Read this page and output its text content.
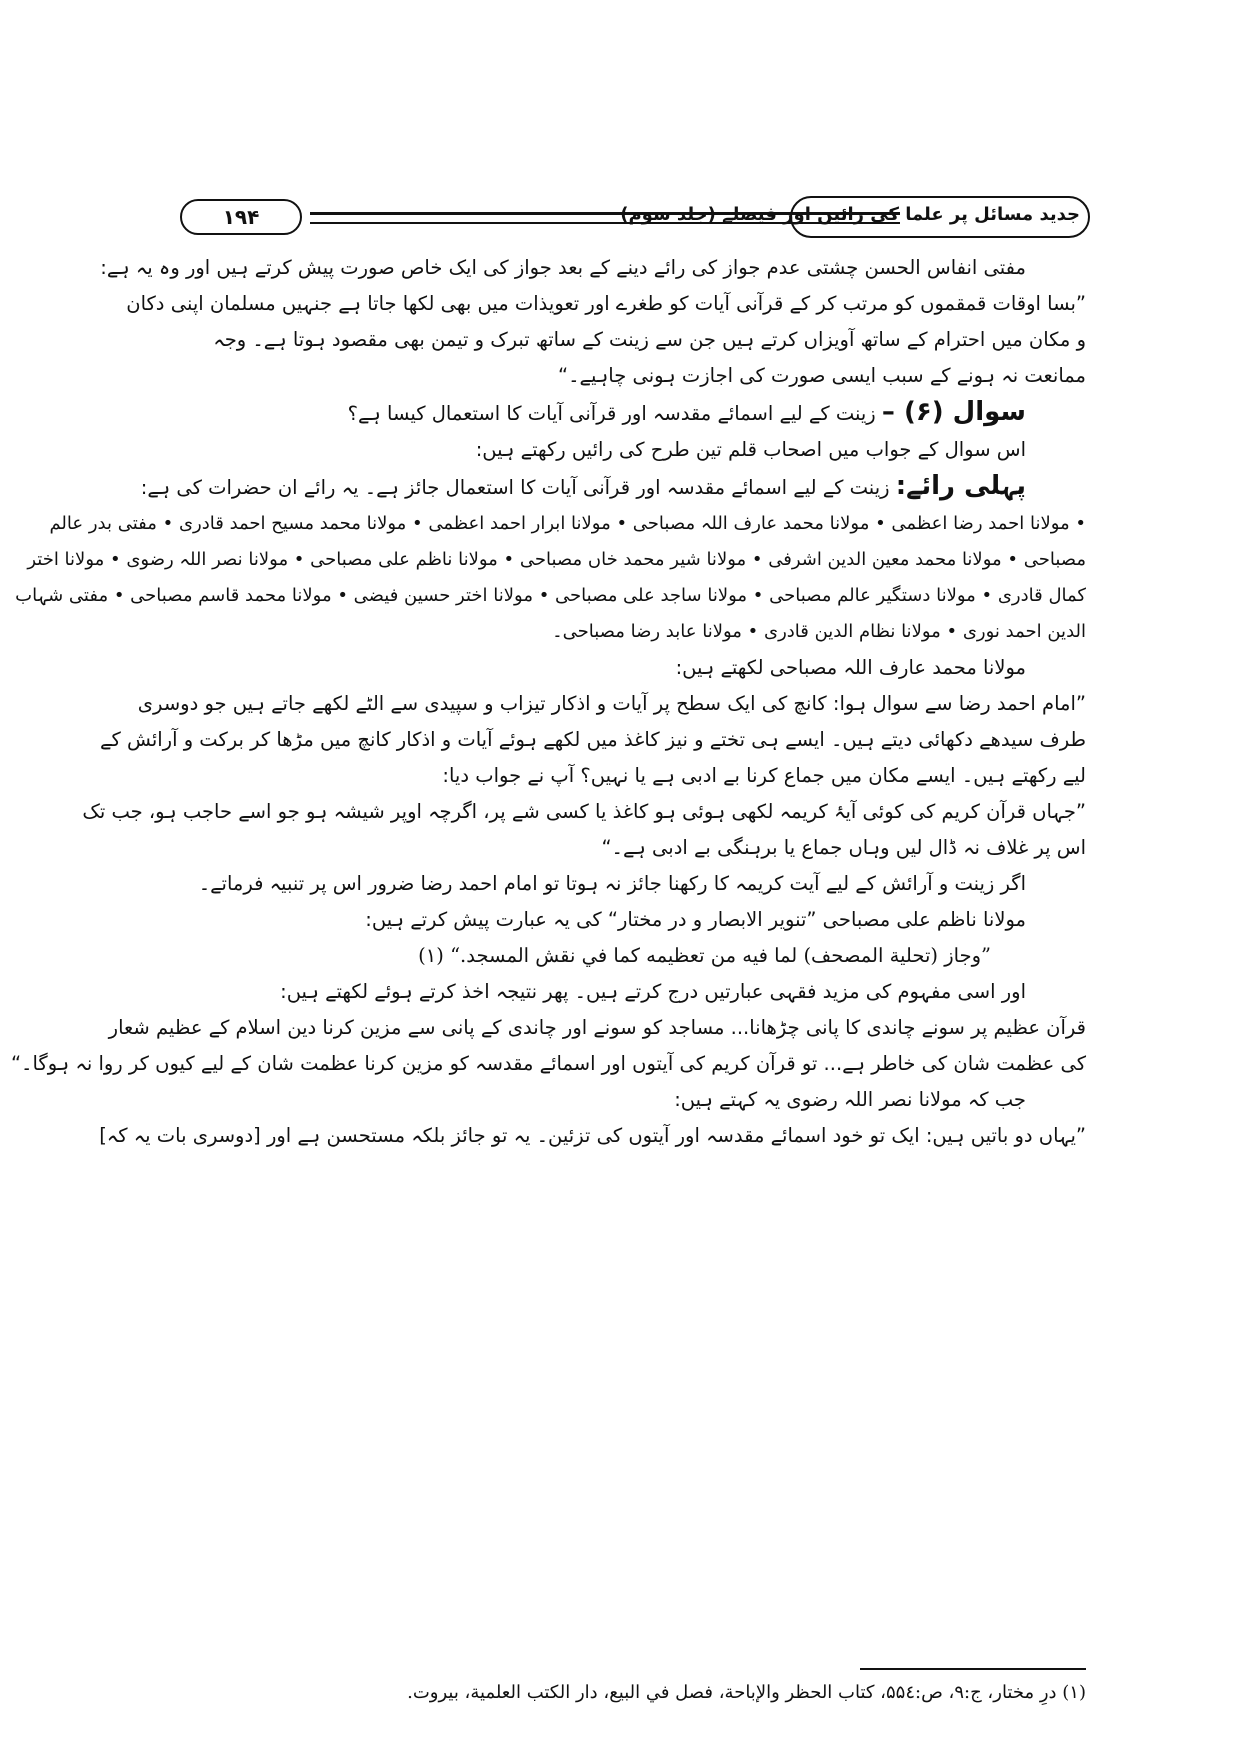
۱۹۴	جدید مسائل پر علما کی رائیں اور فیصلے (جلد سوم)

مفتی انفاس الحسن چشتی عدم جواز کی رائے دینے کے بعد جواز کی ایک خاص صورت پیش کرتے ہیں اور وہ یہ ہے:

”بسا اوقات قمقموں کو مرتب کر کے قرآنی آیات کو طغرے اور تعویذات میں بھی لکھا جاتا ہے جنہیں مسلمان اپنی دکان

و مکان میں احترام کے ساتھ آویزاں کرتے ہیں جن سے زینت کے ساتھ تبرک و تیمن بھی مقصود ہوتا ہے۔ وجہ

ممانعت نہ ہونے کے سبب ایسی صورت کی اجازت ہونی چاہیے۔“

سوال (۶) – زینت کے لیے اسمائے مقدسہ اور قرآنی آیات کا استعمال کیسا ہے؟

اس سوال کے جواب میں اصحاب قلم تین طرح کی رائیں رکھتے ہیں:

پہلی رائے: زینت کے لیے اسمائے مقدسہ اور قرآنی آیات کا استعمال جائز ہے۔ یہ رائے ان حضرات کی ہے:

• مولانا احمد رضا اعظمی • مولانا محمد عارف اللہ مصباحی • مولانا ابرار احمد اعظمی • مولانا محمد مسیح احمد قادری • مفتی بدر عالم

مصباحی • مولانا محمد معین الدین اشرفی • مولانا شیر محمد خاں مصباحی • مولانا ناظم علی مصباحی • مولانا نصر اللہ رضوی • مولانا اختر

کمال قادری • مولانا دستگیر عالم مصباحی • مولانا ساجد علی مصباحی • مولانا اختر حسین فیضی • مولانا محمد قاسم مصباحی • مفتی شہاب

الدین احمد نوری • مولانا نظام الدین قادری • مولانا عابد رضا مصباحی۔

مولانا محمد عارف اللہ مصباحی لکھتے ہیں:

”امام احمد رضا سے سوال ہوا: کانچ کی ایک سطح پر آیات و اذکار تیزاب و سپیدی سے الٹے لکھے جاتے ہیں جو دوسری

طرف سیدھے دکھائی دیتے ہیں۔ ایسے ہی تختے و نیز کاغذ میں لکھے ہوئے آیات و اذکار کانچ میں مڑھا کر برکت و آرائش کے

لیے رکھتے ہیں۔ ایسے مکان میں جماع کرنا بے ادبی ہے یا نہیں؟ آپ نے جواب دیا:

”جہاں قرآن کریم کی کوئی آیۂ کریمہ لکھی ہوئی ہو کاغذ یا کسی شے پر، اگرچہ اوپر شیشہ ہو جو اسے حاجب ہو، جب تک

اس پر غلاف نہ ڈال لیں وہاں جماع یا برہنگی بے ادبی ہے۔“

اگر زینت و آرائش کے لیے آیت کریمہ کا رکھنا جائز نہ ہوتا تو امام احمد رضا ضرور اس پر تنبیہ فرماتے۔

مولانا ناظم علی مصباحی ”تنویر الابصار و در مختار“ کی یہ عبارت پیش کرتے ہیں:

”وجاز (تحلية المصحف) لما فيه من تعظيمه كما في نقش المسجد.“ (۱)

اور اسی مفہوم کی مزید فقہی عبارتیں درج کرتے ہیں۔ پھر نتیجہ اخذ کرتے ہوئے لکھتے ہیں:

قرآن عظیم پر سونے چاندی کا پانی چڑھانا... مساجد کو سونے اور چاندی کے پانی سے مزین کرنا دین اسلام کے عظیم شعار

کی عظمت شان کی خاطر ہے... تو قرآن کریم کی آیتوں اور اسمائے مقدسہ کو مزین کرنا عظمت شان کے لیے کیوں کر روا نہ ہوگا۔“

جب کہ مولانا نصر اللہ رضوی یہ کہتے ہیں:

”یہاں دو باتیں ہیں: ایک تو خود اسمائے مقدسہ اور آیتوں کی تزئین۔ یہ تو جائز بلکہ مستحسن ہے اور [دوسری بات یہ کہ]

(۱) درِ مختار، ج:۹، ص:۵۵٤، كتاب الحظر والإباحة، فصل في البيع، دار الكتب العلمية، بيروت.
